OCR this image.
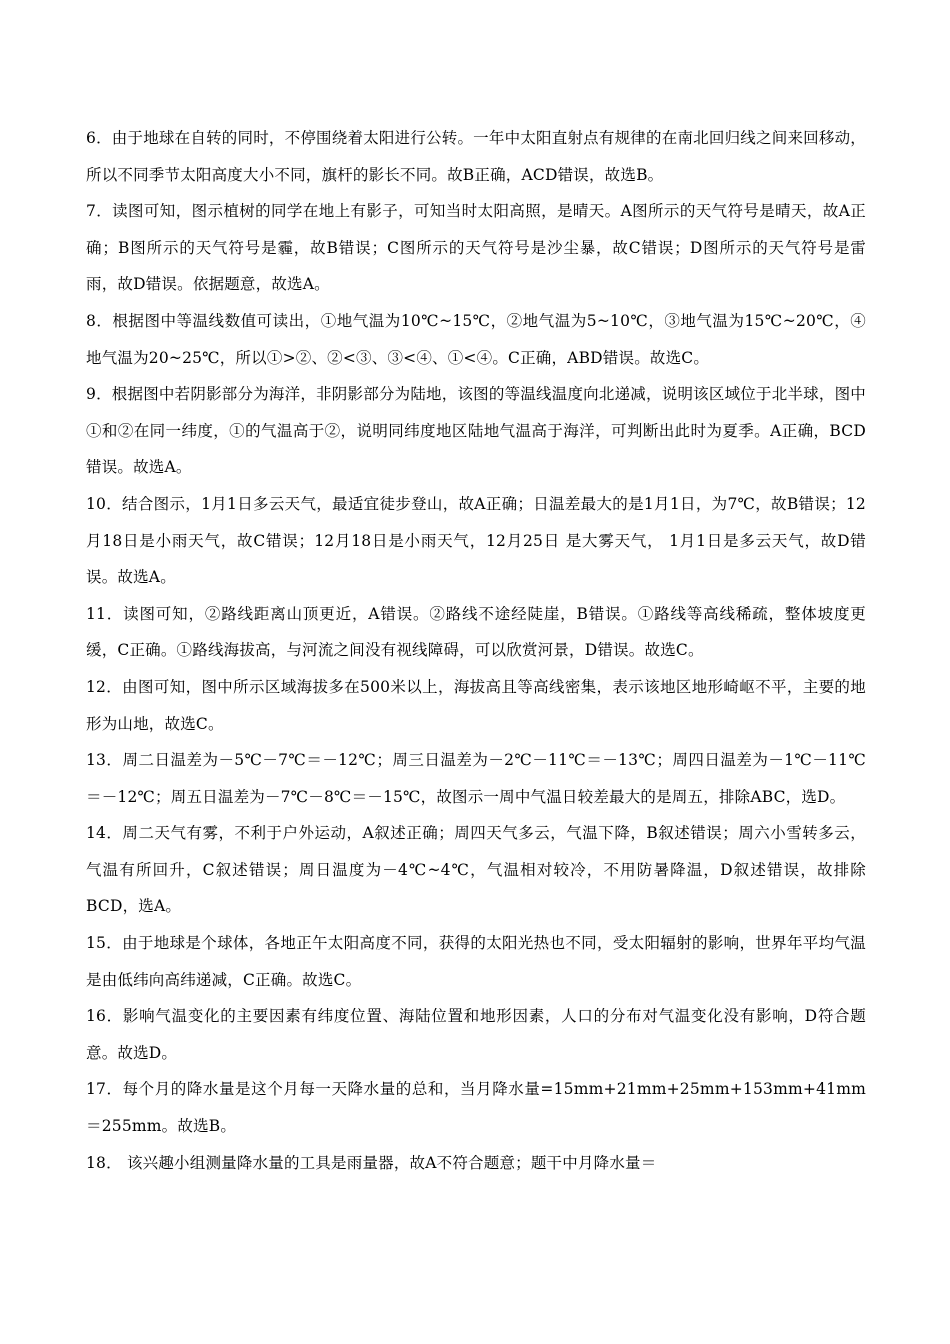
6．由于地球在自转的同时，不停围绕着太阳进行公转。一年中太阳直射点有规律的在南北回归线之间来回移动，所以不同季节太阳高度大小不同，旗杆的影长不同。故B正确，ACD错误，故选B。

7．读图可知，图示植树的同学在地上有影子，可知当时太阳高照，是晴天。A图所示的天气符号是晴天，故A正确；B图所示的天气符号是霾，故B错误；C图所示的天气符号是沙尘暴，故C错误；D图所示的天气符号是雷雨，故D错误。依据题意，故选A。

8．根据图中等温线数值可读出，①地气温为10℃~15℃，②地气温为5~10℃，③地气温为15℃~20℃，④地气温为20~25℃，所以①>②、②<③、③<④、①<④。C正确，ABD错误。故选C。

9．根据图中若阴影部分为海洋，非阴影部分为陆地，该图的等温线温度向北递减，说明该区域位于北半球，图中①和②在同一纬度，①的气温高于②，说明同纬度地区陆地气温高于海洋，可判断出此时为夏季。A正确，BCD错误。故选A。

10．结合图示，1月1日多云天气，最适宜徒步登山，故A正确；日温差最大的是1月1日，为7℃，故B错误；12月18日是小雨天气，故C错误；12月18日是小雨天气，12月25日 是大雾天气， 1月1日是多云天气，故D错误。故选A。

11．读图可知，②路线距离山顶更近，A错误。②路线不途经陡崖，B错误。①路线等高线稀疏，整体坡度更缓，C正确。①路线海拔高，与河流之间没有视线障碍，可以欣赏河景，D错误。故选C。

12．由图可知，图中所示区域海拔多在500米以上，海拔高且等高线密集，表示该地区地形崎岖不平，主要的地形为山地，故选C。

13．周二日温差为－5℃－7℃＝－12℃；周三日温差为－2℃－11℃＝－13℃；周四日温差为－1℃－11℃＝－12℃；周五日温差为－7℃－8℃＝－15℃，故图示一周中气温日较差最大的是周五，排除ABC，选D。

14．周二天气有雾，不利于户外运动，A叙述正确；周四天气多云，气温下降，B叙述错误；周六小雪转多云，气温有所回升，C叙述错误；周日温度为－4℃~4℃，气温相对较冷，不用防暑降温，D叙述错误，故排除BCD，选A。

15．由于地球是个球体，各地正午太阳高度不同，获得的太阳光热也不同，受太阳辐射的影响，世界年平均气温是由低纬向高纬递减，C正确。故选C。

16．影响气温变化的主要因素有纬度位置、海陆位置和地形因素，人口的分布对气温变化没有影响，D符合题意。故选D。

17．每个月的降水量是这个月每一天降水量的总和，当月降水量=15mm+21mm+25mm+153mm+41mm＝255mm。故选B。

18． 该兴趣小组测量降水量的工具是雨量器，故A不符合题意；题干中月降水量＝
